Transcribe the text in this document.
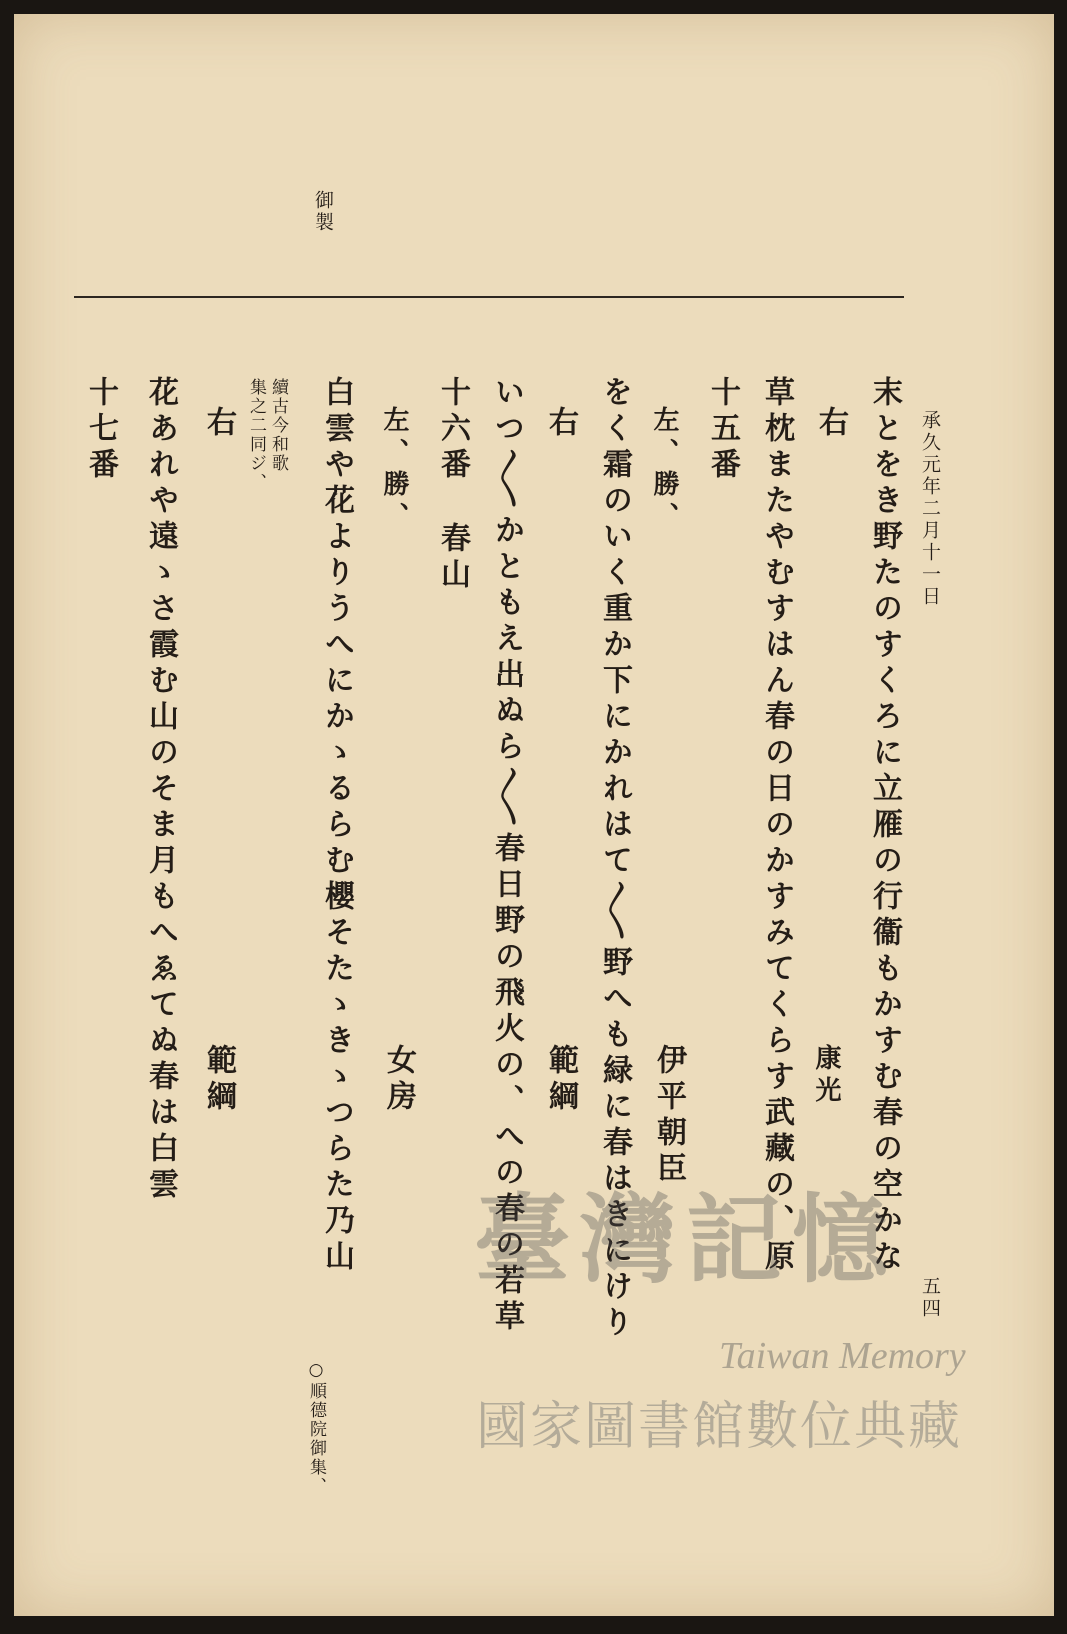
御製
承久元年二月十一日
五四
末とをき野たのすくろに立雁の行衞もかすむ春の空かな
右
康光
草枕またやむすはん春の日のかすみてくらす武藏の、原
十五番
左、勝、
伊平朝臣
をく霜のいく重か下にかれはて〳〵野へも緑に春はきにけり
右
範綱
いつ〳〵かともえ出ぬら〳〵春日野の飛火の、への春の若草
十六番
春山
左、勝、
女房
白雲や花よりうへにかゝるらむ櫻そたゝきゝつらた乃山
○順德院御集、
續古今和歌
集之二同ジ、
右
範綱
花あれや遠ゝさ霞む山のそま月もへゑてぬ春は白雲
十七番
臺灣記憶
Taiwan Memory
國家圖書館數位典藏
